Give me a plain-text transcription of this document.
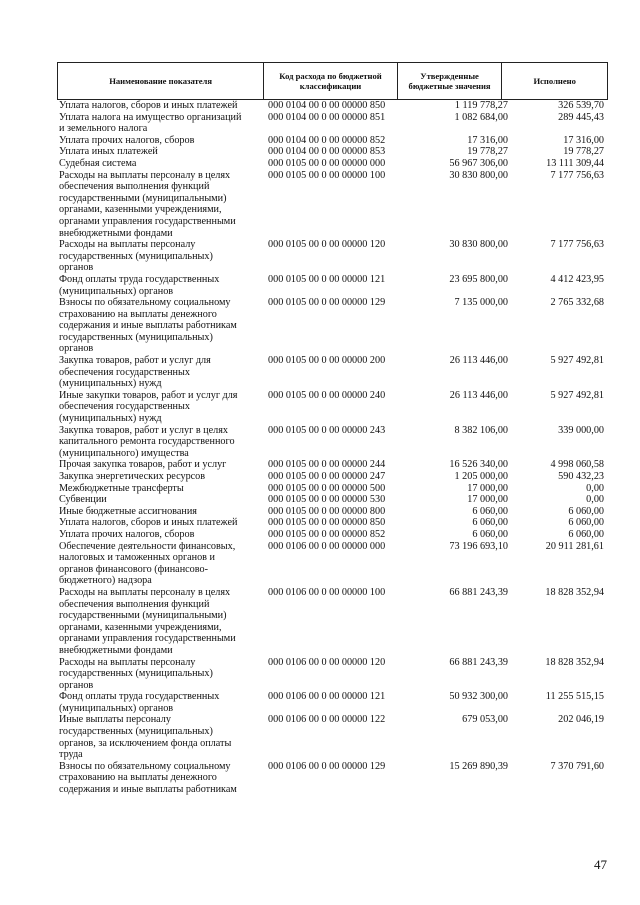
Наименование показателя	Код расхода по бюджетной классификации
Утвержденные бюджетные значения	Исполнено
Уплата налогов, сборов и иных платежей	000 0104 00 0 00 00000 850	1 119 778,27	326 539,70
Уплата налога на имущество организаций
и земельного налога
000 0104 00 0 00 00000 851	1 082 684,00	289 445,43
Уплата прочих налогов, сборов	000 0104 00 0 00 00000 852	17 316,00	17 316,00
Уплата иных платежей	000 0104 00 0 00 00000 853	19 778,27	19 778,27
Судебная система	000 0105 00 0 00 00000 000	56 967 306,00	13 111 309,44
Расходы на выплаты персоналу в целях
обеспечения выполнения функций
государственными (муниципальными)
органами, казенными учреждениями,
органами управления государственными
внебюджетными фондами
000 0105 00 0 00 00000 100	30 830 800,00	7 177 756,63
Расходы на выплаты персоналу
государственных (муниципальных)
органов
000 0105 00 0 00 00000 120	30 830 800,00	7 177 756,63
Фонд оплаты труда государственных
(муниципальных) органов
000 0105 00 0 00 00000 121	23 695 800,00	4 412 423,95
Взносы по обязательному социальному
страхованию на выплаты денежного
содержания и иные выплаты работникам
государственных (муниципальных)
органов
000 0105 00 0 00 00000 129	7 135 000,00	2 765 332,68
Закупка товаров, работ и услуг для
обеспечения государственных
(муниципальных) нужд
000 0105 00 0 00 00000 200	26 113 446,00	5 927 492,81
Иные закупки товаров, работ и услуг для
обеспечения государственных
(муниципальных) нужд
000 0105 00 0 00 00000 240	26 113 446,00	5 927 492,81
Закупка товаров, работ и услуг в целях
капитального ремонта государственного
(муниципального) имущества
000 0105 00 0 00 00000 243	8 382 106,00	339 000,00
Прочая закупка товаров, работ и услуг	000 0105 00 0 00 00000 244	16 526 340,00	4 998 060,58
Закупка энергетических ресурсов	000 0105 00 0 00 00000 247	1 205 000,00	590 432,23
Межбюджетные трансферты	000 0105 00 0 00 00000 500	17 000,00	0,00
Субвенции	000 0105 00 0 00 00000 530	17 000,00	0,00
Иные бюджетные ассигнования	000 0105 00 0 00 00000 800	6 060,00	6 060,00
Уплата налогов, сборов и иных платежей	000 0105 00 0 00 00000 850	6 060,00	6 060,00
Уплата прочих налогов, сборов	000 0105 00 0 00 00000 852	6 060,00	6 060,00
Обеспечение деятельности финансовых,
налоговых и таможенных органов и
органов финансового (финансово-
бюджетного) надзора
000 0106 00 0 00 00000 000	73 196 693,10	20 911 281,61
Расходы на выплаты персоналу в целях
обеспечения выполнения функций
государственными (муниципальными)
органами, казенными учреждениями,
органами управления государственными
внебюджетными фондами
000 0106 00 0 00 00000 100	66 881 243,39	18 828 352,94
Расходы на выплаты персоналу
государственных (муниципальных)
органов
000 0106 00 0 00 00000 120	66 881 243,39	18 828 352,94
Фонд оплаты труда государственных
(муниципальных) органов
000 0106 00 0 00 00000 121	50 932 300,00	11 255 515,15
Иные выплаты персоналу
государственных (муниципальных)
органов, за исключением фонда оплаты
труда
000 0106 00 0 00 00000 122	679 053,00	202 046,19
Взносы по обязательному социальному
страхованию на выплаты денежного
содержания и иные выплаты работникам
000 0106 00 0 00 00000 129	15 269 890,39	7 370 791,60
47
